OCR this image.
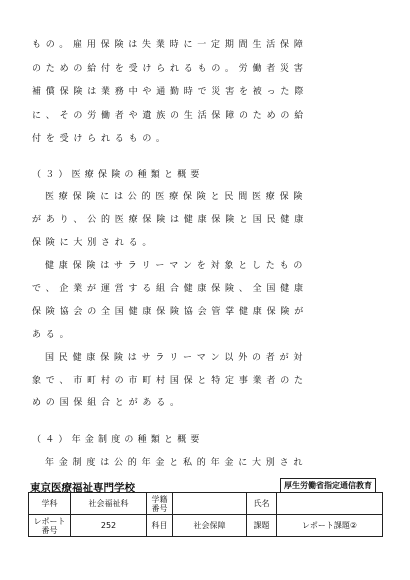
もの。雇用保険は失業時に一定期間生活保障
のための給付を受けられるもの。労働者災害
補償保険は業務中や通勤時で災害を被った際
に、その労働者や遺族の生活保障のための給
付を受けられるもの。
（３）医療保険の種類と概要
医療保険には公的医療保険と民間医療保険
があり、公的医療保険は健康保険と国民健康
保険に大別される。
健康保険はサラリーマンを対象としたもの
で、企業が運営する組合健康保険、全国健康
保険協会の全国健康保険協会管掌健康保険が
ある。
国民健康保険はサラリーマン以外の者が対
象で、市町村の市町村国保と特定事業者のた
めの国保組合とがある。
（４）年金制度の種類と概要
年金制度は公的年金と私的年金に大別され
東京医療福祉専門学校	厚生労働省指定通信教育
学科	社会福祉科	学籍番号		氏名	
レポート番号	252	科目	社会保障	課題	レポート課題②
